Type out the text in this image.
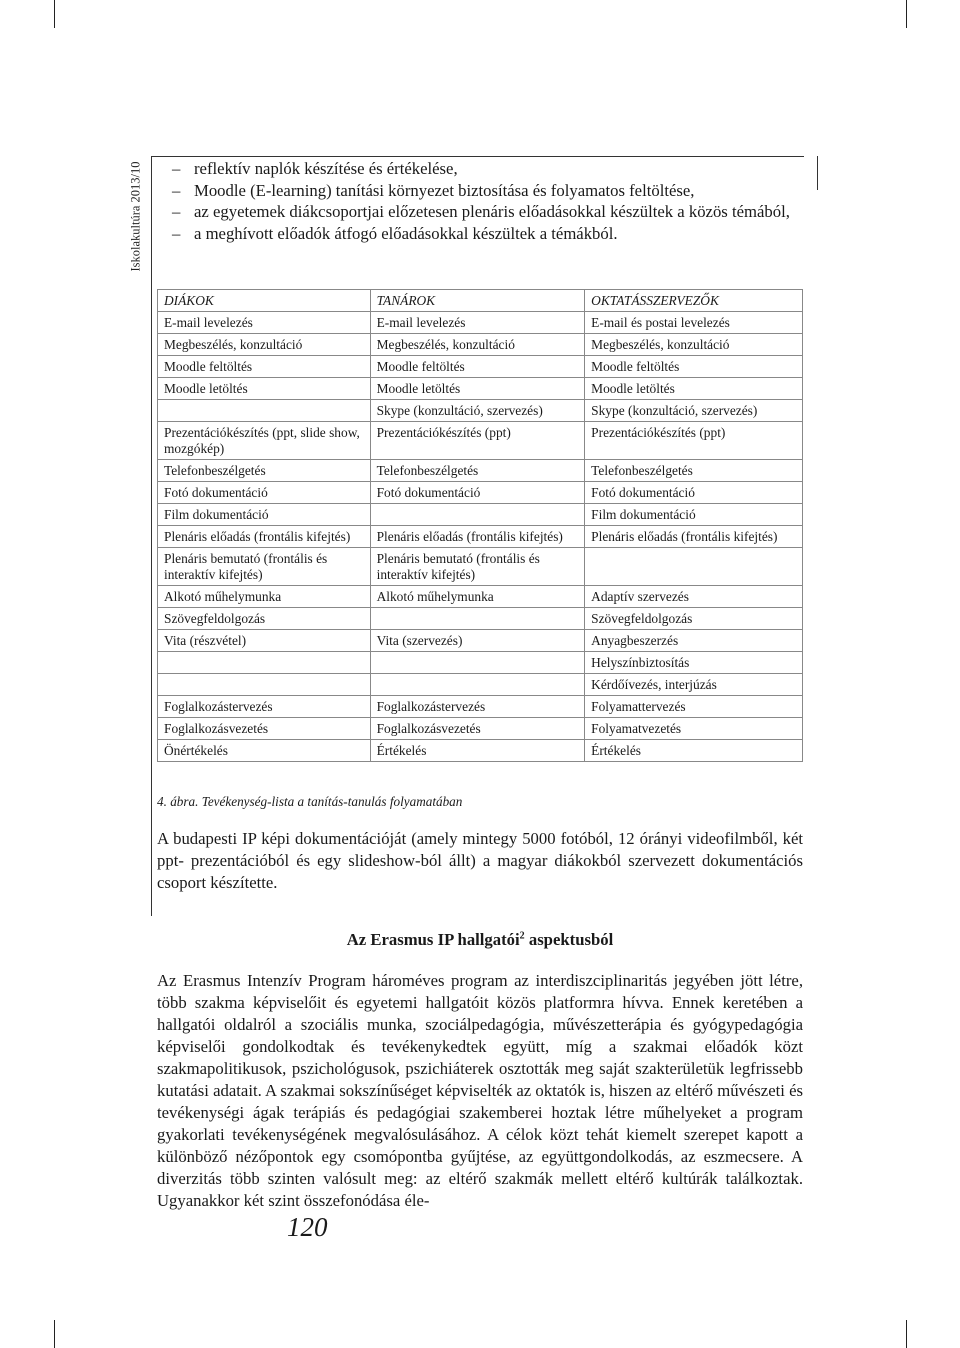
Iskolakultúra 2013/10 – reflektív naplók készítése és értékelése,
– Moodle (E-learning) tanítási környezet biztosítása és folyamatos feltöltése,
– az egyetemek diákcsoportjai előzetesen plenáris előadásokkal készültek a közös témából,
– a meghívott előadók átfogó előadásokkal készültek a témákból.
DIÁKOK	TANÁROK	OKTATÁSSZERVEZŐK
E-mail levelezés	E-mail levelezés	E-mail és postai levelezés
Megbeszélés, konzultáció	Megbeszélés, konzultáció	Megbeszélés, konzultáció
Moodle feltöltés	Moodle feltöltés	Moodle feltöltés
Moodle letöltés	Moodle letöltés	Moodle letöltés
	Skype (konzultáció, szervezés)	Skype (konzultáció, szervezés)
Prezentációkészítés (ppt, slide show, mozgókép)	Prezentációkészítés (ppt)	Prezentációkészítés (ppt)
Telefonbeszélgetés	Telefonbeszélgetés	Telefonbeszélgetés
Fotó dokumentáció	Fotó dokumentáció	Fotó dokumentáció
Film dokumentáció		Film dokumentáció
Plenáris előadás (frontális kifejtés)	Plenáris előadás (frontális kifejtés)	Plenáris előadás (frontális kifejtés)
Plenáris bemutató (frontális és interaktív kifejtés)	Plenáris bemutató (frontális és interaktív kifejtés)	
Alkotó műhelymunka	Alkotó műhelymunka	Adaptív szervezés
Szövegfeldolgozás		Szövegfeldolgozás
Vita (részvétel)	Vita (szervezés)	Anyagbeszerzés
		Helyszínbiztosítás
		Kérdőívezés, interjúzás
Foglalkozástervezés	Foglalkozástervezés	Folyamattervezés
Foglalkozásvezetés	Foglalkozásvezetés	Folyamatvezetés
Önértékelés	Értékelés	Értékelés
4. ábra. Tevékenység-lista a tanítás-tanulás folyamatában
A budapesti IP képi dokumentációját (amely mintegy 5000 fotóból, 12 órányi videofilmből, két ppt- prezentációból és egy slideshow-ból állt) a magyar diákokból szervezett dokumentációs csoport készítette.
Az Erasmus IP hallgatói$^2$ aspektusból
Az Erasmus Intenzív Program hároméves program az interdiszciplinaritás jegyében jött létre, több szakma képviselőit és egyetemi hallgatóit közös platformra hívva. Ennek keretében a hallgatói oldalról a szociális munka, szociálpedagógia, művészetterápia és gyógypedagógia képviselői gondolkodtak és tevékenykedtek együtt, míg a szakmai előadók közt szakmapolitikusok, pszichológusok, pszichiáterek osztották meg saját szakterületük legfrissebb kutatási adatait. A szakmai sokszínűséget képviselték az oktatók is, hiszen az eltérő művészeti és tevékenységi ágak terápiás és pedagógiai szakemberei hoztak létre műhelyeket a program gyakorlati tevékenységének megvalósulásához. A célok közt tehát kiemelt szerepet kapott a különböző nézőpontok egy csomópontba gyűjtése, az együttgondolkodás, az eszmecsere. A diverzitás több szinten valósult meg: az eltérő szakmák mellett eltérő kultúrák találkoztak. Ugyanakkor két szint összefonódása éle-
120
